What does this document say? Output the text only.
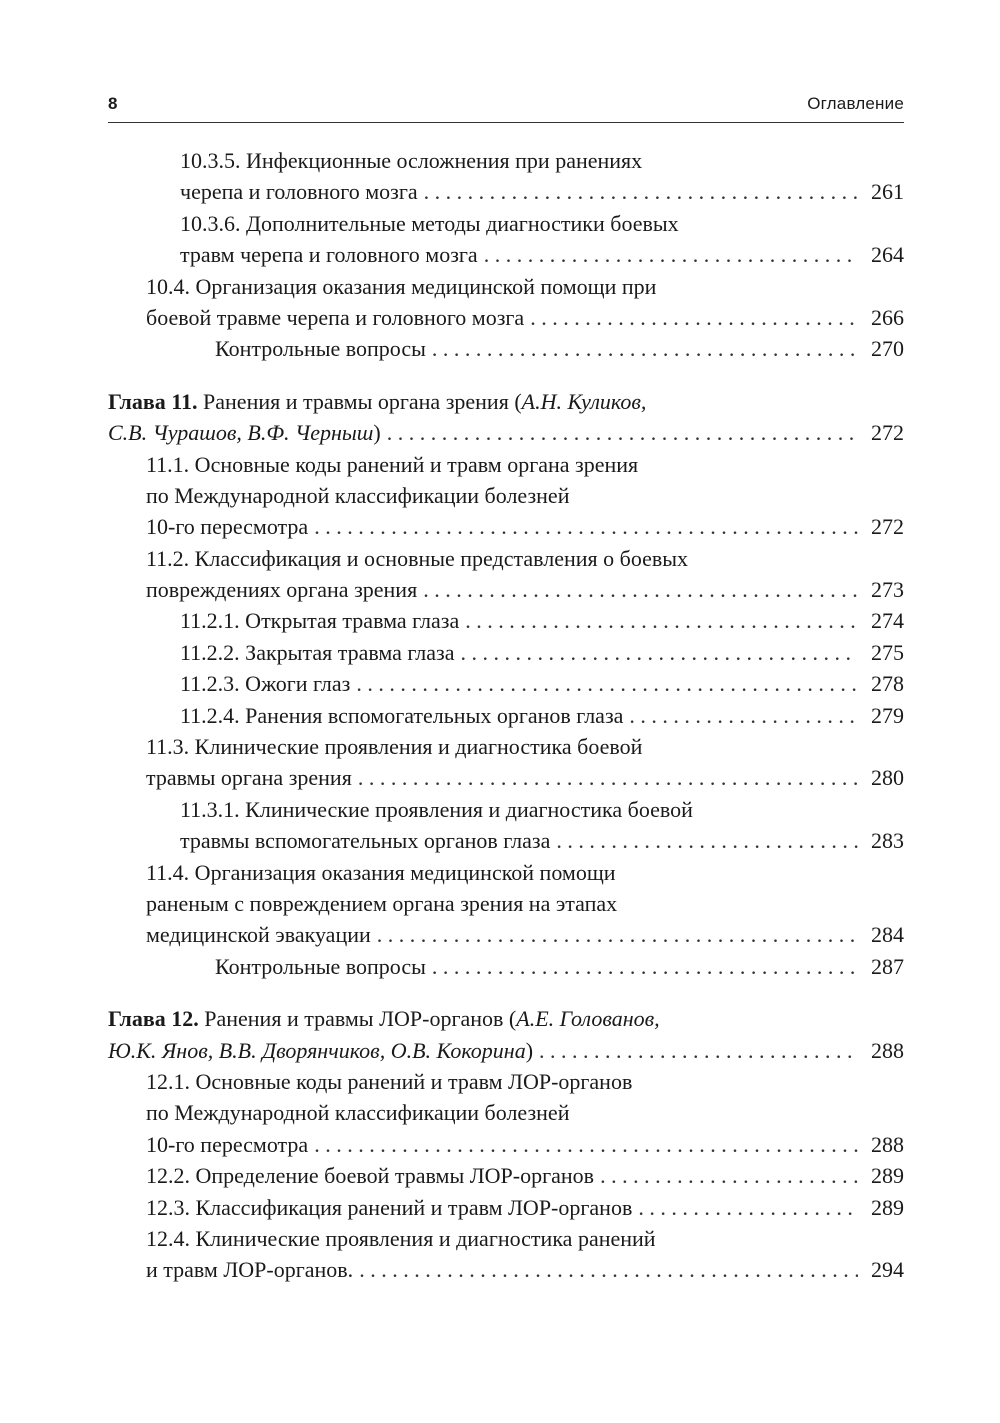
8	Оглавление
10.3.5. Инфекционные осложнения при ранениях
черепа и головного мозга . . .	261
10.3.6. Дополнительные методы диагностики боевых
травм черепа и головного мозга . . .	264
10.4. Организация оказания медицинской помощи при
боевой травме черепа и головного мозга . . .	266
Контрольные вопросы . . .	270
Глава 11. Ранения и травмы органа зрения (А.Н. Куликов,
С.В. Чурашов, В.Ф. Черныш) . . .	272
11.1. Основные коды ранений и травм органа зрения
по Международной классификации болезней
10-го пересмотра . . .	272
11.2. Классификация и основные представления о боевых
повреждениях органа зрения . . .	273
11.2.1. Открытая травма глаза . . .	274
11.2.2. Закрытая травма глаза . . .	275
11.2.3. Ожоги глаз . . .	278
11.2.4. Ранения вспомогательных органов глаза . . .	279
11.3. Клинические проявления и диагностика боевой
травмы органа зрения . . .	280
11.3.1. Клинические проявления и диагностика боевой
травмы вспомогательных органов глаза . . .	283
11.4. Организация оказания медицинской помощи
раненым с повреждением органа зрения на этапах
медицинской эвакуации . . .	284
Контрольные вопросы . . .	287
Глава 12. Ранения и травмы ЛОР-органов (А.Е. Голованов,
Ю.К. Янов, В.В. Дворянчиков, О.В. Кокорина) . . .	288
12.1. Основные коды ранений и травм ЛОР-органов
по Международной классификации болезней
10-го пересмотра . . .	288
12.2. Определение боевой травмы ЛОР-органов . . .	289
12.3. Классификация ранений и травм ЛОР-органов . . .	289
12.4. Клинические проявления и диагностика ранений
и травм ЛОР-органов. . . .	294
